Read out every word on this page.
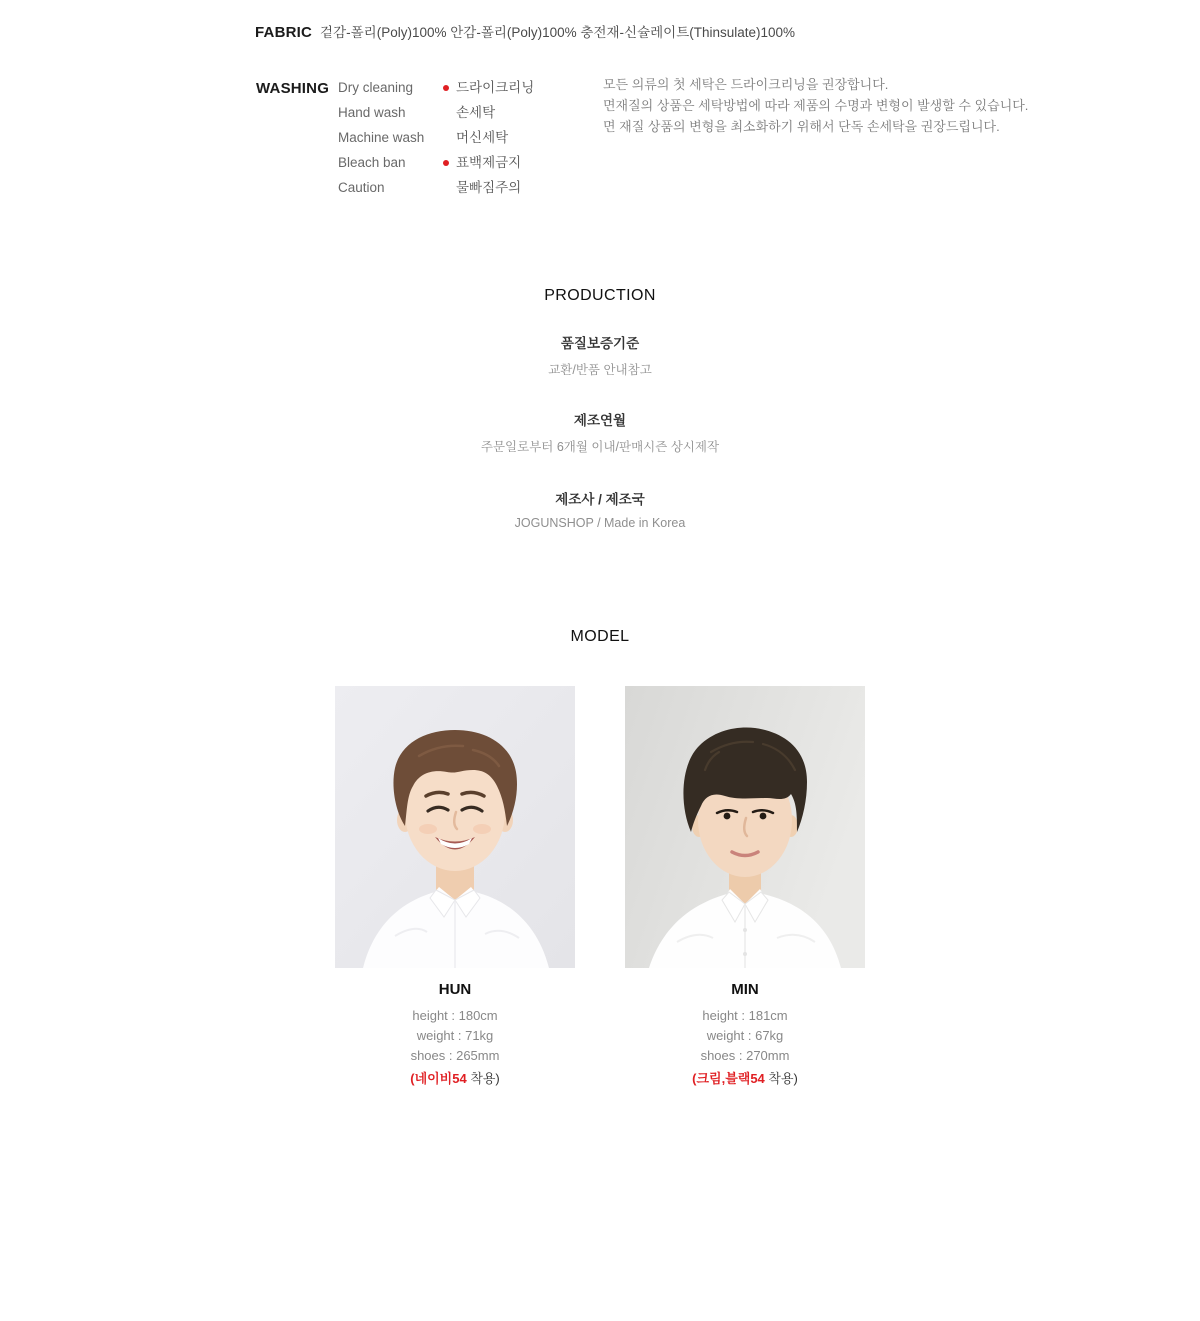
FABRIC 겉감-폴리(Poly)100% 안감-폴리(Poly)100% 충전재-신슐레이트(Thinsulate)100%
WASHING Dry cleaning	드라이크리닝
Hand wash	손세탁
Machine wash	머신세탁
Bleach ban	표백제금지
Caution	물빠짐주의
모든 의류의 첫 세탁은 드라이크리닝을 권장합니다.
면재질의 상품은 세탁방법에 따라 제품의 수명과 변형이 발생할 수 있습니다.
면 재질 상품의 변형을 최소화하기 위해서 단독 손세탁을 권장드립니다.
PRODUCTION
품질보증기준
교환/반품 안내참고
제조연월
주문일로부터 6개월 이내/판매시즌 상시제작
제조사 / 제조국
JOGUNSHOP / Made in Korea
MODEL
HUN
height : 180cm
weight : 71kg
shoes : 265mm
(네이비54 착용)
MIN
height : 181cm
weight : 67kg
shoes : 270mm
(크림,블랙54 착용)
